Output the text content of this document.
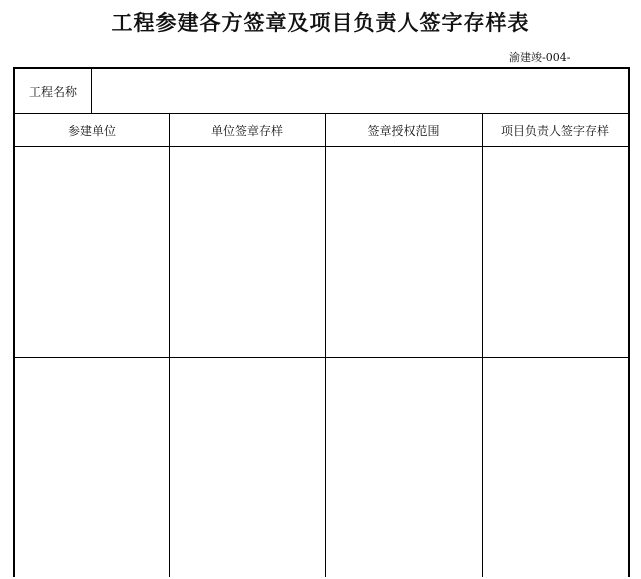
工程参建各方签章及项目负责人签字存样表
渝建竣-004-
工程名称
参建单位	单位签章存样	签章授权范围	项目负责人签字存样
